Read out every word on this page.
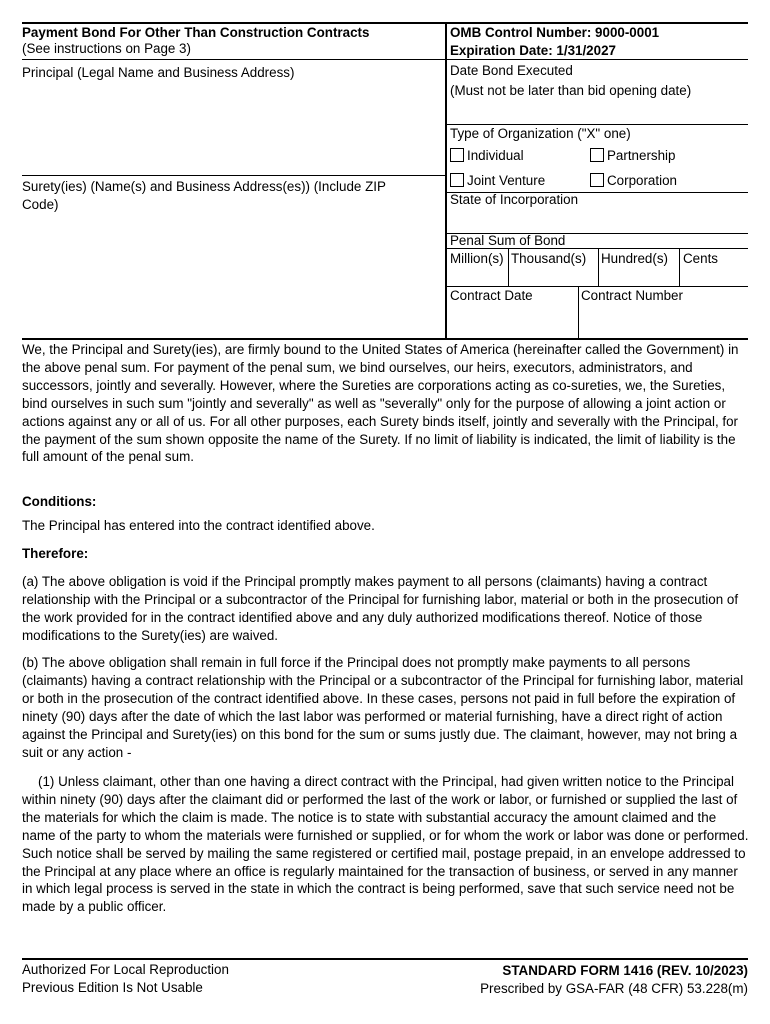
Payment Bond For Other Than Construction Contracts
(See instructions on Page 3)
Principal (Legal Name and Business Address)
Surety(ies) (Name(s) and Business Address(es)) (Include ZIP
Code)
OMB Control Number: 9000-0001
Expiration Date: 1/31/2027
Date Bond Executed
(Must not be later than bid opening date)
Type of Organization ("X" one)
Individual	Partnership
Joint Venture	Corporation
State of Incorporation
Penal Sum of Bond
Million(s) Thousand(s) Hundred(s) Cents
Contract Date	Contract Number

We, the Principal and Surety(ies), are firmly bound to the United States of America (hereinafter called the Government) in the above penal sum. For payment of the penal sum, we bind ourselves, our heirs, executors, administrators, and successors, jointly and severally. However, where the Sureties are corporations acting as co-sureties, we, the Sureties, bind ourselves in such sum "jointly and severally" as well as "severally" only for the purpose of allowing a joint action or actions against any or all of us. For all other purposes, each Surety binds itself, jointly and severally with the Principal, for the payment of the sum shown opposite the name of the Surety. If no limit of liability is indicated, the limit of liability is the full amount of the penal sum.

Conditions:

The Principal has entered into the contract identified above.

Therefore:

(a) The above obligation is void if the Principal promptly makes payment to all persons (claimants) having a contract relationship with the Principal or a subcontractor of the Principal for furnishing labor, material or both in the prosecution of the work provided for in the contract identified above and any duly authorized modifications thereof. Notice of those modifications to the Surety(ies) are waived.

(b) The above obligation shall remain in full force if the Principal does not promptly make payments to all persons (claimants) having a contract relationship with the Principal or a subcontractor of the Principal for furnishing labor, material or both in the prosecution of the contract identified above. In these cases, persons not paid in full before the expiration of ninety (90) days after the date of which the last labor was performed or material furnishing, have a direct right of action against the Principal and Surety(ies) on this bond for the sum or sums justly due. The claimant, however, may not bring a suit or any action -

(1) Unless claimant, other than one having a direct contract with the Principal, had given written notice to the Principal within ninety (90) days after the claimant did or performed the last of the work or labor, or furnished or supplied the last of the materials for which the claim is made. The notice is to state with substantial accuracy the amount claimed and the name of the party to whom the materials were furnished or supplied, or for whom the work or labor was done or performed. Such notice shall be served by mailing the same registered or certified mail, postage prepaid, in an envelope addressed to the Principal at any place where an office is regularly maintained for the transaction of business, or served in any manner in which legal process is served in the state in which the contract is being performed, save that such service need not be made by a public officer.

Authorized For Local Reproduction
Previous Edition Is Not Usable
STANDARD FORM 1416 (REV. 10/2023)
Prescribed by GSA-FAR (48 CFR) 53.228(m)
